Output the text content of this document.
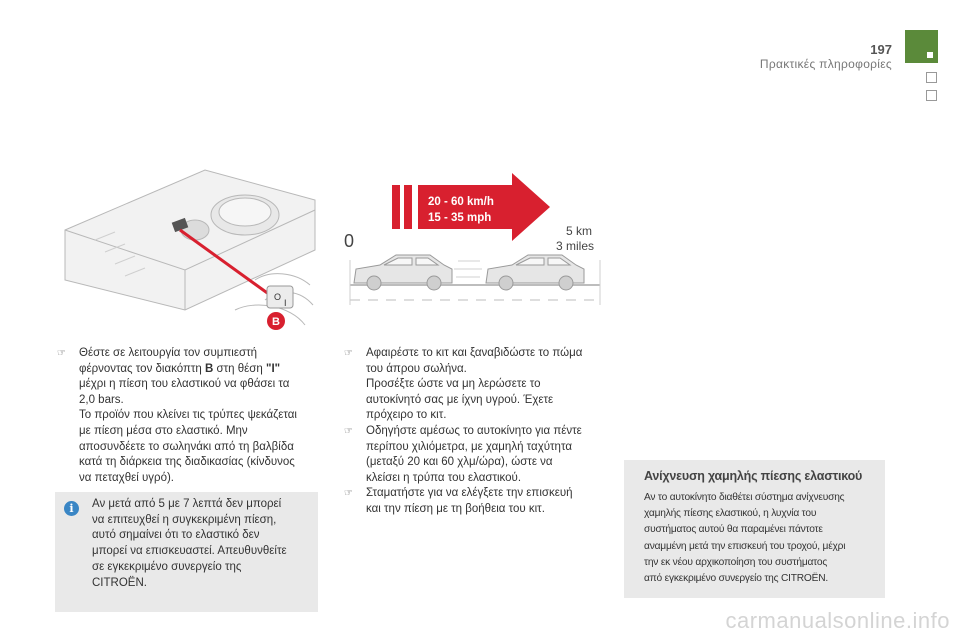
197
Πρακτικές πληροφορίες
O
I
B
20 - 60 km/h
15 - 35 mph
0	5 km
3 miles
☞ Θέστε σε λειτουργία τον συμπιεστή

φέρνοντας τον διακόπτη B στη θέση "I"

μέχρι η πίεση του ελαστικού να φθάσει τα

2,0 bars.

Το προϊόν που κλείνει τις τρύπες ψεκάζεται

με πίεση μέσα στο ελαστικό. Μην

αποσυνδέετε το σωληνάκι από τη βαλβίδα

κατά τη διάρκεια της διαδικασίας (κίνδυνος

να πεταχθεί υγρό).

i	Αν μετά από 5 με 7 λεπτά δεν μπορεί

να επιτευχθεί η συγκεκριμένη πίεση,

αυτό σημαίνει ότι το ελαστικό δεν

μπορεί να επισκευαστεί. Απευθυνθείτε

σε εγκεκριμένο συνεργείο της

CITROËN.

☞ Αφαιρέστε το κιτ και ξαναβιδώστε το πώμα

του άπρου σωλήνα.

Προσέξτε ώστε να μη λερώσετε το

αυτοκίνητό σας με ίχνη υγρού. Έχετε

πρόχειρο το κιτ.

☞ Οδηγήστε αμέσως το αυτοκίνητο για πέντε

περίπου χιλιόμετρα, με χαμηλή ταχύτητα

(μεταξύ 20 και 60 χλμ/ώρα), ώστε να

κλείσει η τρύπα του ελαστικού.

☞ Σταματήστε για να ελέγξετε την επισκευή

και την πίεση με τη βοήθεια του κιτ.

Ανίχνευση χαμηλής πίεσης ελαστικού

Αν το αυτοκίνητο διαθέτει σύστημα ανίχνευσης

χαμηλής πίεσης ελαστικού, η λυχνία του

συστήματος αυτού θα παραμένει πάντοτε

αναμμένη μετά την επισκευή του τροχού, μέχρι

την εκ νέου αρχικοποίηση του συστήματος

από εγκεκριμένο συνεργείο της CITROËN.

carmanualsonline.info
